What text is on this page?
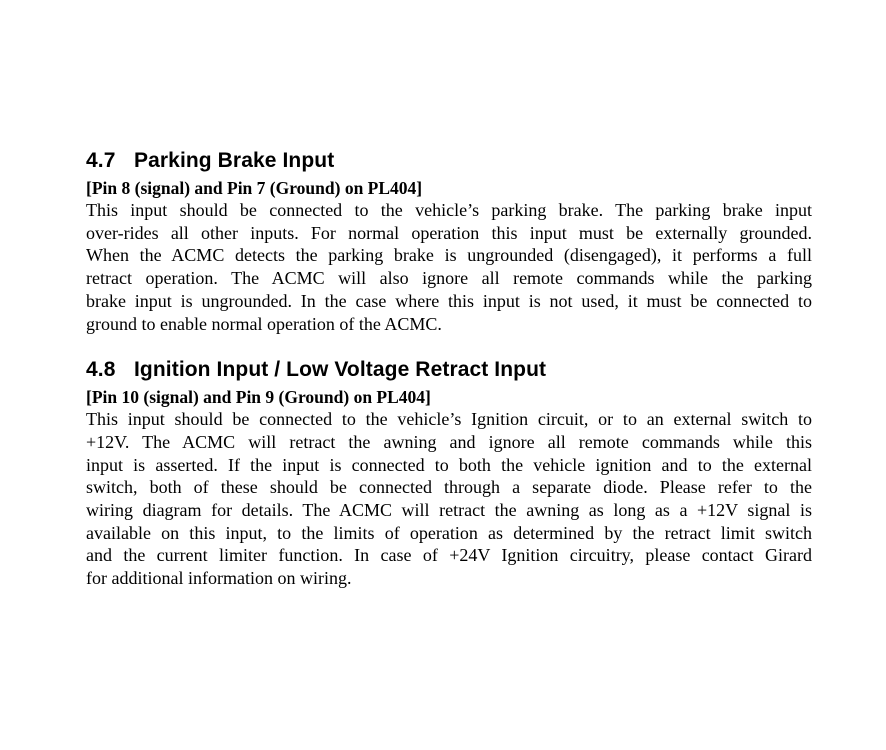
4.7 Parking Brake Input

[Pin 8 (signal) and Pin 7 (Ground) on PL404]

This input should be connected to the vehicle’s parking brake. The parking brake input
over-rides all other inputs. For normal operation this input must be externally grounded.
When the ACMC detects the parking brake is ungrounded (disengaged), it performs a full
retract operation. The ACMC will also ignore all remote commands while the parking
brake input is ungrounded. In the case where this input is not used, it must be connected to
ground to enable normal operation of the ACMC.

4.8 Ignition Input / Low Voltage Retract Input

[Pin 10 (signal) and Pin 9 (Ground) on PL404]

This input should be connected to the vehicle’s Ignition circuit, or to an external switch to
+12V. The ACMC will retract the awning and ignore all remote commands while this
input is asserted. If the input is connected to both the vehicle ignition and to the external
switch, both of these should be connected through a separate diode. Please refer to the
wiring diagram for details. The ACMC will retract the awning as long as a +12V signal is
available on this input, to the limits of operation as determined by the retract limit switch
and the current limiter function. In case of +24V Ignition circuitry, please contact Girard
for additional information on wiring.
